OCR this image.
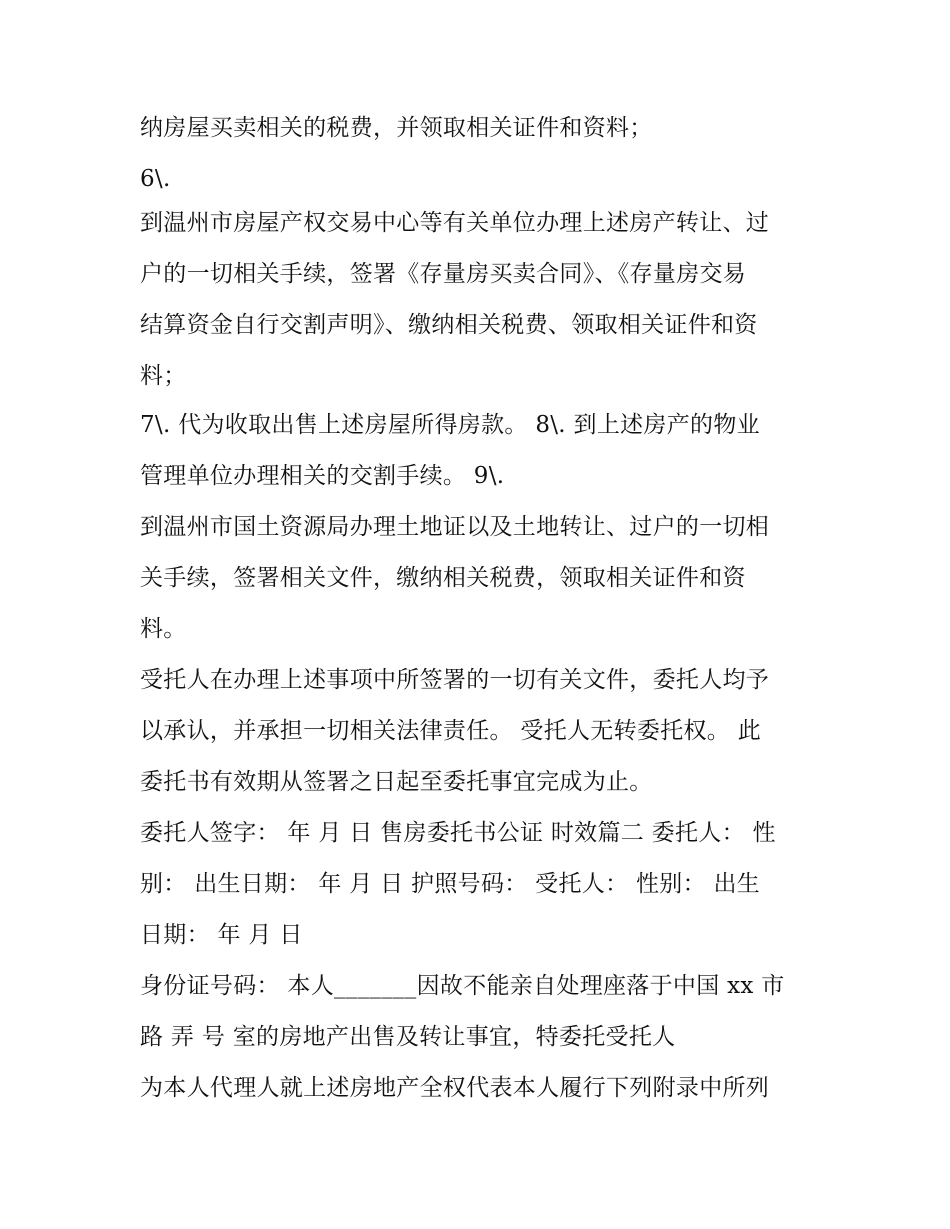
纳房屋买卖相关的税费，并领取相关证件和资料；
6\.
到温州市房屋产权交易中心等有关单位办理上述房产转让、过
户的一切相关手续，签署《存量房买卖合同》、《存量房交易
结算资金自行交割声明》、缴纳相关税费、领取相关证件和资
料；
7\. 代为收取出售上述房屋所得房款。 8\. 到上述房产的物业
管理单位办理相关的交割手续。 9\.
到温州市国土资源局办理土地证以及土地转让、过户的一切相
关手续，签署相关文件，缴纳相关税费，领取相关证件和资
料。
受托人在办理上述事项中所签署的一切有关文件，委托人均予
以承认，并承担一切相关法律责任。 受托人无转委托权。 此
委托书有效期从签署之日起至委托事宜完成为止。
委托人签字： 年 月 日 售房委托书公证 时效篇二 委托人： 性
别： 出生日期： 年 月 日 护照号码： 受托人： 性别： 出生
日期： 年 月 日
身份证号码： 本人_______因故不能亲自处理座落于中国 xx 市
路 弄 号 室的房地产出售及转让事宜，特委托受托人
为本人代理人就上述房地产全权代表本人履行下列附录中所列
